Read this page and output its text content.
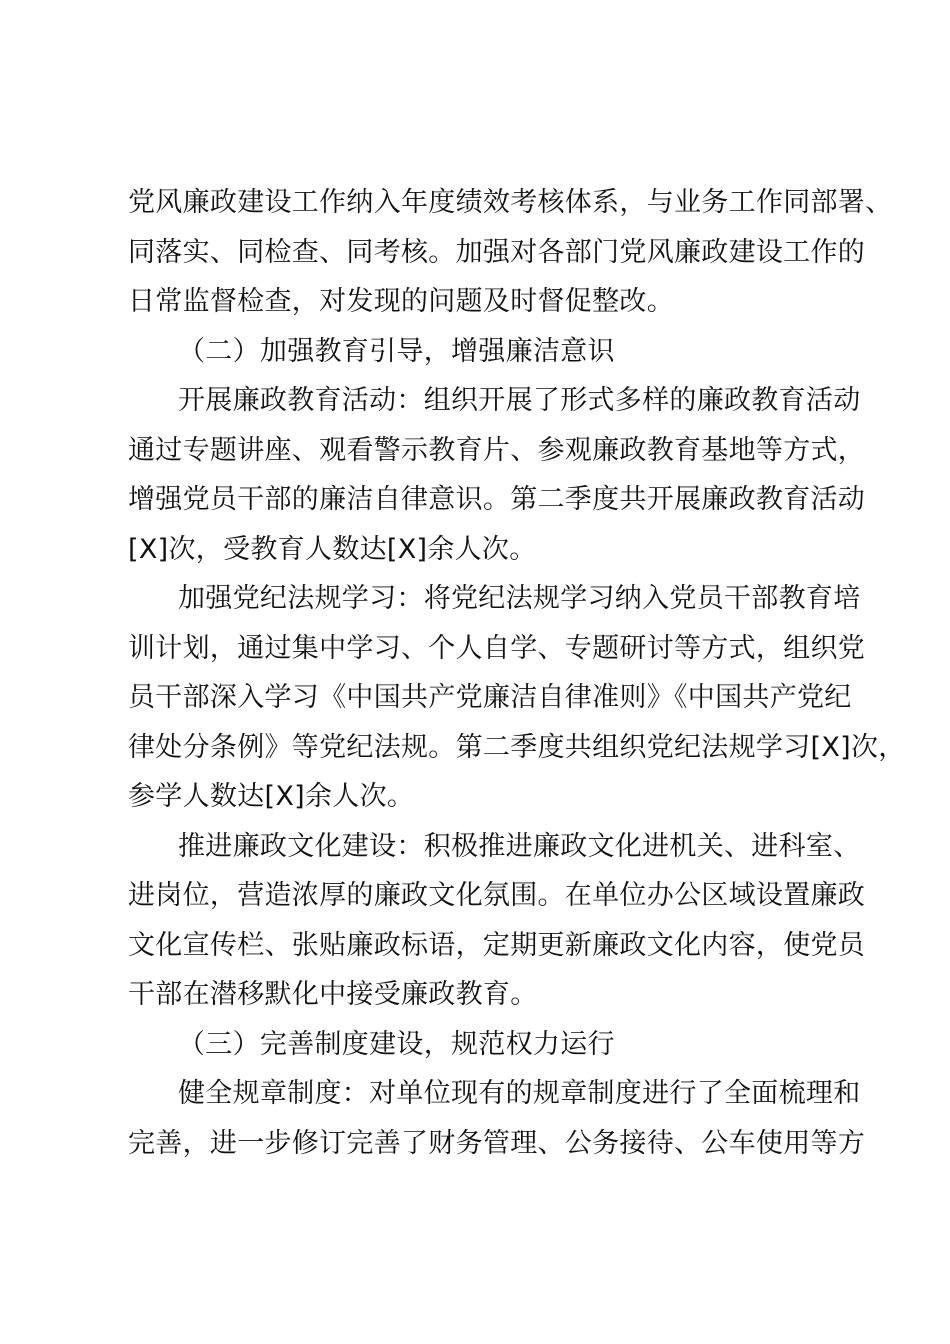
党风廉政建设工作纳入年度绩效考核体系，与业务工作同部署、
同落实、同检查、同考核。加强对各部门党风廉政建设工作的
日常监督检查，对发现的问题及时督促整改。
（二）加强教育引导，增强廉洁意识
开展廉政教育活动：组织开展了形式多样的廉政教育活动
通过专题讲座、观看警示教育片、参观廉政教育基地等方式，
增强党员干部的廉洁自律意识。第二季度共开展廉政教育活动
[X]次，受教育人数达[X]余人次。
加强党纪法规学习：将党纪法规学习纳入党员干部教育培
训计划，通过集中学习、个人自学、专题研讨等方式，组织党
员干部深入学习《中国共产党廉洁自律准则》《中国共产党纪
律处分条例》等党纪法规。第二季度共组织党纪法规学习[X]次，
参学人数达[X]余人次。
推进廉政文化建设：积极推进廉政文化进机关、进科室、
进岗位，营造浓厚的廉政文化氛围。在单位办公区域设置廉政
文化宣传栏、张贴廉政标语，定期更新廉政文化内容，使党员
干部在潜移默化中接受廉政教育。
（三）完善制度建设，规范权力运行
健全规章制度：对单位现有的规章制度进行了全面梳理和
完善，进一步修订完善了财务管理、公务接待、公车使用等方
